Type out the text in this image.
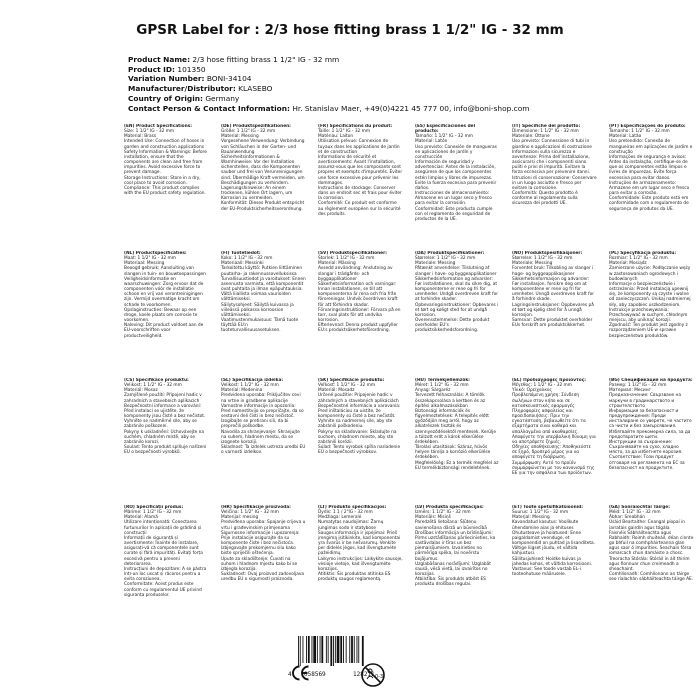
GPSR Label for : 2/3 hose fitting brass 1 1/2" IG - 32 mm
Product Name: 2/3 hose fitting brass 1 1/2" IG - 32 mm
Product ID: 101350
Variation Number: BONI-34104
Manufacturer/Distributor: KLASEBO
Country of Origin: Germany
Contact Person & Contact Information: Hr. Stanislav Maer, +49(0)4221 45 777 00, info@boni-shop.com
(EN) Product Specifications:
Size: 1 1/2" IG - 32 mm
Material: Brass
Intended Use: Connection of hoses in garden and construction applications
Safety Information & Warnings: Before installation, ensure that the components are clean and free from impurities. Avoid excessive force to prevent damage.
Storage Instructions: Store in a dry, cool place to avoid corrosion.
Compliance: This product complies with the EU product safety regulation.
(DE) Produktspezifikationen:
Größe: 1 1/2" IG - 32 mm
Material: Messing
Vorgesehene Verwendung: Verbindung von Schläuchen in der Garten- und Bauanwendung
Sicherheitsinformationen & Warnhinweise: Vor der Installation sicherstellen, dass die Komponenten sauber und frei von Verunreinigungen sind. Übermäßige Kraft vermeiden, um Beschädigungen zu verhindern.
Lagerungshinweise: An einem trockenen, kühlen Ort lagern, um Korrosion zu vermeiden.
Konformität: Dieses Produkt entspricht der EU-Produktsicherheitsverordnung.
(FR) Spécifications du produit:
Taille: 1 1/2" IG - 32 mm
Matériau: Laiton
Utilisation prévue: Connexion de tuyaux dans les applications de jardin et de construction
Informations de sécurité et avertissements: Avant l'installation, assurez-vous que les composants sont propres et exempts d'impuretés. Éviter une force excessive pour prévenir les dommages.
Instructions de stockage: Conserver dans un endroit sec et frais pour éviter la corrosion.
Conformité: Ce produit est conforme au règlement européen sur la sécurité des produits.
(ES) Especificaciones del producto:
Tamaño: 1 1/2" IG - 32 mm
Material: Latón
Uso previsto: Conexión de mangueras en aplicaciones de jardín y construcción
Información de seguridad y advertencias: Antes de la instalación, asegúrese de que los componentes estén limpios y libres de impurezas. Evite la fuerza excesiva para prevenir daños.
Instrucciones de almacenamiento: Almacene en un lugar seco y fresco para evitar la corrosión.
Conformidad: Este producto cumple con el reglamento de seguridad de productos de la UE.
(IT) Specifiche del prodotto:
Dimensione: 1 1/2" IG - 32 mm
Materiale: Ottone
Uso previsto: Connessione di tubi in giardino e applicazioni di costruzione
Informazioni sulla sicurezza e avvertenze: Prima dell'installazione, assicurarsi che i componenti siano puliti e privi di impurità. Evitare la forza eccessiva per prevenire danni.
Istruzioni di conservazione: Conservare in un luogo asciutto e fresco per evitare la corrosione.
Conformità: Questo prodotto è conforme al regolamento sulla sicurezza dei prodotti UE.
(PT) Especificações do produto:
Tamanho: 1 1/2" IG - 32 mm
Material: Latão
Uso pretendido: Conexão de mangueiras em aplicações de jardim e construção
Informações de segurança e avisos: Antes da instalação, certifique-se de que os componentes estão limpos e livres de impurezas. Evite força excessiva para evitar danos.
Instruções de armazenamento: Armazene em um lugar seco e fresco para evitar a corrosão.
Conformidade: Este produto está em conformidade com o regulamento de segurança de produtos da UE.
(NL) Productspecificaties:
Maat: 1 1/2" IG - 32 mm
Materiaal: Messing
Beoogd gebruik: Aansluiting van slangen in tuin- en bouwtoepassingen
Veiligheidsinformatie en waarschuwingen: Zorg ervoor dat de componenten vóór de installatie schoon en vrij van verontreinigingen zijn. Vermijd overmatige kracht om schade te voorkomen.
Opslaginstructies: Bewaar op een droge, koele plaats om corrosie te voorkomen.
Naleving: Dit product voldoet aan de EU-voorschriften voor productveiligheid.
(FI) Tuotetiedot:
Koko: 1 1/2" IG - 32 mm
Materiaali: Messinki
Tarkoitettu käyttö: Putkien liittäminen puutarha- ja rakennussovelluksissa
Turvallisuustiedot ja varoitukset: Ennen asennusta varmista, että komponentit ovat puhtaita ja ilman epäpuhtauksia. Vältä liiallista voimaa vaurioiden välttämiseksi.
Säilytysohjeet: Säilytä kuivassa ja viileässä paikassa korroosion välttämiseksi.
Vaatimustenmukaisuus: Tämä tuote täyttää EU:n tuoteturvallisuusasetuksen.
(SV) Produktspecifikationer:
Storlek: 1 1/2" IG - 32 mm
Material: Mässing
Avsedd användning: Anslutning av slangar i trädgårds- och byggapplikationer
Säkerhetsinformation och varningar: Innan installationen, se till att komponenterna är rena och fria från föroreningar. Undvik överdriven kraft för att förhindra skador.
Förvaringsinstruktioner: Förvara på en torr, sval plats för att undvika korrosion.
Efterlevnad: Denna produkt uppfyller EU:s produktsäkerhetsförordning.
(DA) Produktspecifikationer:
Størrelse: 1 1/2" IG - 32 mm
Materiale: Messing
Påtænkt anvendelse: Tilslutning af slanger i have- og byggeapplikationer
Sikkerhedsinformation og advarsler: Før installationen, skal du sikre dig, at komponenterne er rene og fri for urenheder. Undgå overdreven kraft for at forhindre skader.
Opbevaringsinstruktioner: Opbevares i et tørt og køligt sted for at undgå korrosion.
Overensstemmelse: Dette produkt overholder EU's produktsikkerhedsforordning.
(NO) Produktspesifikasjoner:
Størrelse: 1 1/2" IG - 32 mm
Materiale: Messing
Forventet bruk: Tilkobling av slanger i hage- og byggeapplikasjoner
Sikkerhetsinformasjon og advarsler: Før installasjon, forsikre deg om at komponentene er rene og fri for urenheter. Unngå overdreven kraft for å forhindre skade.
Lagringsinstruksjoner: Oppbevares på et tørt og kjølig sted for å unngå korrosjon.
Samsvar: Dette produktet overholder EUs forskrift om produktsikkerhet.
(PL) Specyfikacja produktu:
Rozmiar: 1 1/2" IG - 32 mm
Materiał: Mosiądz
Zamierzone użycie: Podłączanie węży w zastosowaniach ogrodowych i budowlanych
Informacje o bezpieczeństwie i ostrzeżenia: Przed instalacją upewnij się, że komponenty są czyste i wolne od zanieczyszczeń. Unikaj nadmiernej siły, aby zapobiec uszkodzeniom.
Instrukcje przechowywania: Przechowywać w suchym, chłodnym miejscu, aby uniknąć korozji.
Zgodność: Ten produkt jest zgodny z rozporządzeniem UE w sprawie bezpieczeństwa produktów.
(CS) Specifikace produktu:
Velikost: 1 1/2" IG - 32 mm
Materiál: Mosaz
Zamýšlené použití: Připojení hadic v zahradních a stavebních aplikacích
Bezpečnostní informace a varování: Před instalací se ujistěte, že komponenty jsou čisté a bez nečistot. Vyhněte se nadměrné síle, aby se zabránilo poškození.
Pokyny k uskladnění: Uchovávejte na suchém, chladném místě, aby se zabránilo korozi.
Soulad: Tento produkt splňuje nařízení EU o bezpečnosti výrobků.
(SL) Specifikacija izdelka:
Velikost: 1 1/2" IG - 32 mm
Material: Medenina
Predvidena uporaba: Priključitev cevi na vrtne in gradbene aplikacije
Varnostne informacije in opozorila: Pred namestitvijo se prepričajte, da so sestavni deli čisti in brez nečistoč. Izogibajte se pretirani sili, da bi preprečili poškodbe.
Navodila za shranjevanje: Shranjujte na suhem, hladnem mestu, da se izognete koroziji.
Skladnost: Ta izdelek ustreza uredbi EU o varnosti izdelkov.
(SK) Špecifikácie produktu:
Veľkosť: 1 1/2" IG - 32 mm
Materiál: Mosadz
Určené použitie: Pripojenie hadíc v záhradných a stavebných aplikáciách
Bezpečnostné informácie a varovania: Pred inštaláciou sa uistite, že komponenty sú čisté a bez nečistôt. Vyhnite sa nadmernej sile, aby ste zabránili poškodeniu.
Pokyny na skladovanie: Skladujte na suchom, chladnom mieste, aby ste zabránili korózii.
Súlad: Tento výrobok spĺňa nariadenie EÚ o bezpečnosti výrobkov.
(HU) Termékjellemzők:
Méret: 1 1/2" IG - 32 mm
Anyag: Sárgaréz
Tervezett felhasználás: A tömlők összekapcsolása a kertben és az építési alkalmazásokban
Biztonsági információk és figyelmeztetések: A telepítés előtt győződjön meg arról, hogy az alkatrészek tiszták és szennyeződésektől mentesek. Kerülje a túlzott erőt a károk elkerülése érdekében.
Tárolási utasítások: Száraz, hűvös helyen tárolja a korrózió elkerülése érdekében.
Megfelelőség: Ez a termék megfelel az EU termékbiztonsági rendeletének.
(EL) Προδιαγραφές προϊόντος:
Μέγεθος: 1 1/2" IG - 32 mm
Υλικό: Ορείχαλκος
Προβλεπόμενη χρήση: Σύνδεση σωλήνων στον κήπο και σε κατασκευαστικές εφαρμογές
Πληροφορίες ασφαλείας και προειδοποιήσεις: Πριν την εγκατάσταση, βεβαιωθείτε ότι τα εξαρτήματα είναι καθαρά και απαλλαγμένα από ακαθαρσίες. Αποφύγετε την υπερβολική δύναμη για να αποτρέψετε ζημιές.
Οδηγίες αποθήκευσης: Αποθηκεύστε σε ξηρό, δροσερό μέρος για να αποφύγετε τη διάβρωση.
Συμμόρφωση: Αυτό το προϊόν συμμορφώνεται με τον κανονισμό της ΕΕ για την ασφάλεια των προϊόντων.
(BG) Спецификация на продукта:
Размер: 1 1/2" IG - 32 mm
Материал: Месинг
Предназначение: Свързване на маркучи в градинарството и строителството
Информация за безопасност и предупреждения: Преди инсталиране се уверете, че частите са чисти и без замърсявания. Избягвайте прекомерна сила, за да предотвратите щети.
Инструкции за съхранение: Съхранявайте на сухо, хладно място, за да избегнете корозия.
Съответствие: Този продукт отговаря на регламента на ЕС за безопасност на продуктите.
(RO) Specificații produs:
Mărime: 1 1/2" IG - 32 mm
Material: Alamă
Utilizare intenționată: Conectarea furtunurilor în aplicații de grădină și construcții
Informații de siguranță și avertismente: Înainte de instalare, asigurați-vă că componentele sunt curate și fără impurități. Evitați forța excesivă pentru a preveni deteriorarea.
Instrucțiuni de depozitare: A se păstra într-un loc uscat și răcoros pentru a evita coroziunea.
Conformitate: Acest produs este conform cu regulamentul UE privind siguranța produselor.
(HR) Specifikacije proizvoda:
Veličina: 1 1/2" IG - 32 mm
Materijal: mesing
Predviđena uporaba: Spajanje crijeva u vrtu i građevinskim primjenama
Sigurnosne informacije i upozorenja: Prije instalacije osigurajte da su komponente čiste i bez nečistoća. Izbjegavajte prekomjernu silu kako biste spriječili oštećenja.
Upute za skladištenje: Čuvati na suhom i hladnom mjestu kako bi se izbjegla korozija.
Sukladnost: Ovaj proizvod zadovoljava uredbu EU o sigurnosti proizvoda.
(LT) Produkto specifikacijos:
Dydis: 1 1 / 2"IG - 32 mm
Medžiaga: Lemeralė
Numatytas naudojimas: Žarnų jungimas sodo ir statybose
Saugos informacija ir įspėjimai: Prieš įrengimą įsitikinkite, kad komponentai yra švarūs ir be nešvarumų. Venkite per didelės jėgos, kad išvengtumėte pažeidimų.
Laikymo instrukcijos: Laikykite sausoje, vėsioje vietoje, kad išvengtumėte korozijos.
Atitiktis: Šis produktas atitinka ES produktų saugos reglamentą.
(LV) Produkta specifikācijas:
Izmērs: 1 1/2" IG - 32 mm
Materiāls: Misiņš
Paredzētā lietošana: Šļūteņu savienošana dārzā un būvniecībā
Drošības informācija un brīdinājumi: Pirms uzstādīšanas pārliecinieties, ka sastāvdaļas ir tīras un bez piemaisījumiem. Izvairieties no pārmērīga spēka, lai novērstu bojājumus.
Uzglabāšanas norādījumi: Uzglabāt sausā, vēsā vietā, lai izvairītos no korozijas.
Atbilstība: Šis produkts atbilst ES produktu drošības regulai.
(ET) Toote spetsifikatsioonid:
Suurus: 1 1/2" IG - 32 mm
Materjal: Messing
Kavandatud kasutus: Voolikute ühendamine aias ja ehituses
Ohutusteave ja hoiatused: Enne paigaldamist veenduge, et komponendid on puhtad ja lisanditeta. Vältige liigset jõudu, et vältida kahjustusi.
Säilitusjuhised: Hoidke kuivas ja jahedas kohas, et vältida korrosiooni.
Vastavus: See toode vastab EL-i tooteohutuse määrusele.
(GA) Sonraíochtaí Táirge:
Méid: 1 1/2" IG - 32 mm
Ábhar: Sreabhán
Úsáid Beartaithe: Ceangal píopaí in iarratais gairdín agus tógála
Faisnéis Sábháilteachta agus Rabhaidh: Roimh shuiteáil, déan cinnte go bhfuil na comhpháirteanna glan agus saor ó impurities. Seachain fórsa iomarcach chun damáiste a chosc.
Treoracha Stórála: Stóráil in áit thirim agus fionnuar chun creimeadh a sheachaint.
Comhlíonadh: Comhlíonann an táirge seo rialachán sábháilteachta táirge AE.
4 058569	128211 0-3
